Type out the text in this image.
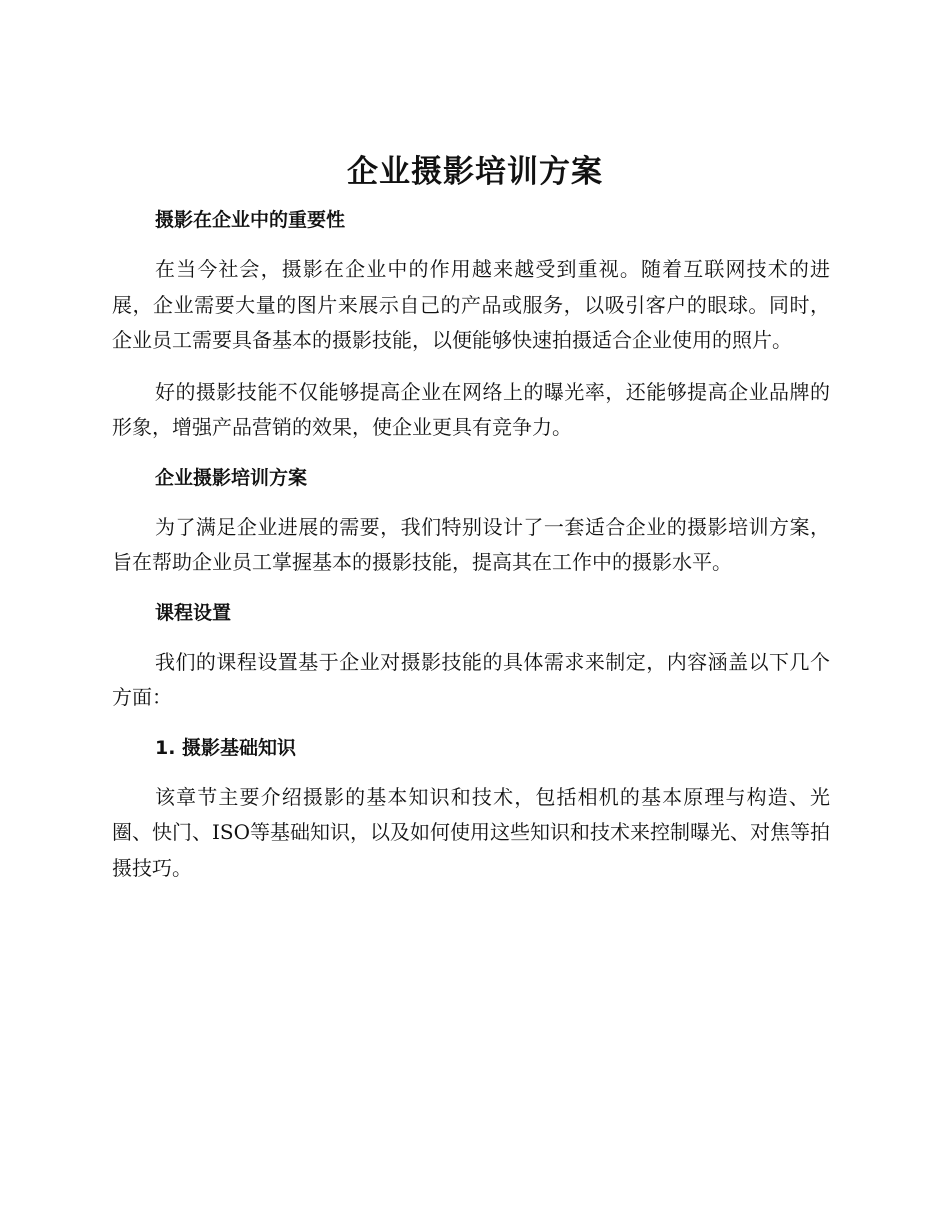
企业摄影培训方案
摄影在企业中的重要性

在当今社会，摄影在企业中的作用越来越受到重视。随着互联网技术的进展，企业需要大量的图片来展示自己的产品或服务，以吸引客户的眼球。同时，企业员工需要具备基本的摄影技能，以便能够快速拍摄适合企业使用的照片。

好的摄影技能不仅能够提高企业在网络上的曝光率，还能够提高企业品牌的形象，增强产品营销的效果，使企业更具有竞争力。

企业摄影培训方案

为了满足企业进展的需要，我们特别设计了一套适合企业的摄影培训方案，旨在帮助企业员工掌握基本的摄影技能，提高其在工作中的摄影水平。

课程设置

我们的课程设置基于企业对摄影技能的具体需求来制定，内容涵盖以下几个方面：

1. 摄影基础知识

该章节主要介绍摄影的基本知识和技术，包括相机的基本原理与构造、光圈、快门、ISO等基础知识，以及如何使用这些知识和技术来控制曝光、对焦等拍摄技巧。
